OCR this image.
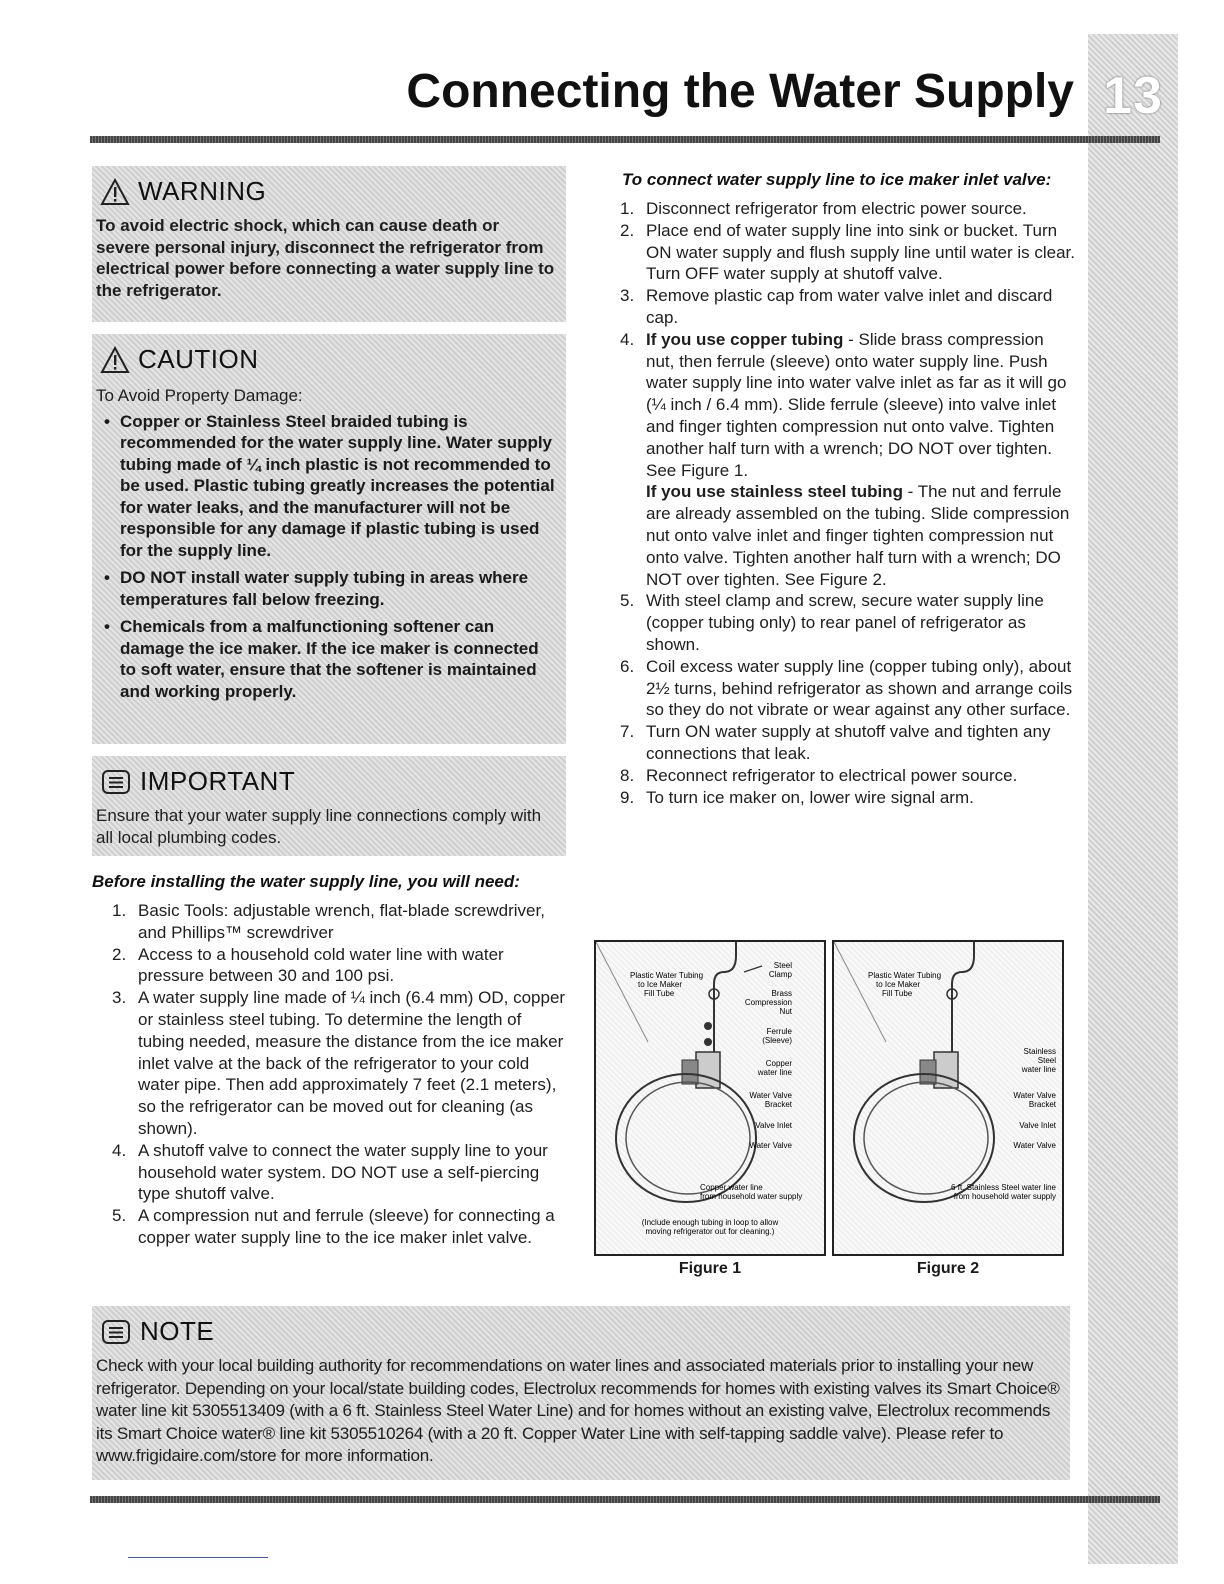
13
Connecting the Water Supply
WARNING
To avoid electric shock, which can cause death or severe personal injury, disconnect the refrigerator from electrical power before connecting a water supply line to the refrigerator.
CAUTION
To Avoid Property Damage:
• Copper or Stainless Steel braided tubing is recommended for the water supply line. Water supply tubing made of ¼ inch plastic is not recommended to be used. Plastic tubing greatly increases the potential for water leaks, and the manufacturer will not be responsible for any damage if plastic tubing is used for the supply line.
• DO NOT install water supply tubing in areas where temperatures fall below freezing.
• Chemicals from a malfunctioning softener can damage the ice maker. If the ice maker is connected to soft water, ensure that the softener is maintained and working properly.
IMPORTANT
Ensure that your water supply line connections comply with all local plumbing codes.
Before installing the water supply line, you will need:
1. Basic Tools: adjustable wrench, flat-blade screwdriver, and Phillips™ screwdriver

2. Access to a household cold water line with water pressure between 30 and 100 psi.

3. A water supply line made of ¼ inch (6.4 mm) OD, copper or stainless steel tubing. To determine the length of tubing needed, measure the distance from the ice maker inlet valve at the back of the refrigerator to your cold water pipe. Then add approximately 7 feet (2.1 meters), so the refrigerator can be moved out for cleaning (as shown).

4. A shutoff valve to connect the water supply line to your household water system. DO NOT use a self-piercing type shutoff valve.

5. A compression nut and ferrule (sleeve) for connecting a copper water supply line to the ice maker inlet valve.

To connect water supply line to ice maker inlet valve:
1. Disconnect refrigerator from electric power source.

2. Place end of water supply line into sink or bucket. Turn ON water supply and flush supply line until water is clear. Turn OFF water supply at shutoff valve.

3. Remove plastic cap from water valve inlet and discard cap.

4. If you use copper tubing - Slide brass compression nut, then ferrule (sleeve) onto water supply line. Push water supply line into water valve inlet as far as it will go (¼ inch / 6.4 mm). Slide ferrule (sleeve) into valve inlet and finger tighten compression nut onto valve. Tighten another half turn with a wrench; DO NOT over tighten. See Figure 1.

If you use stainless steel tubing - The nut and ferrule are already assembled on the tubing. Slide compression nut onto valve inlet and finger tighten compression nut onto valve. Tighten another half turn with a wrench; DO NOT over tighten. See Figure 2.

5. With steel clamp and screw, secure water supply line (copper tubing only) to rear panel of refrigerator as shown.

6. Coil excess water supply line (copper tubing only), about 2½ turns, behind refrigerator as shown and arrange coils so they do not vibrate or wear against any other surface.

7. Turn ON water supply at shutoff valve and tighten any connections that leak.

8. Reconnect refrigerator to electrical power source.

9. To turn ice maker on, lower wire signal arm.

Plastic Water Tubing
to Ice Maker
Fill Tube
Steel
Clamp
Brass
Compression
Nut
Ferrule
(Sleeve)
Copper
water line
Water Valve
Bracket
Valve Inlet
Water Valve
Copper water line
from household water supply
(Include enough tubing in loop to allow
moving refrigerator out for cleaning.)
Figure 1
Plastic Water Tubing
to Ice Maker
Fill Tube
Stainless
Steel
water line
Water Valve
Bracket
Valve Inlet
Water Valve
6 ft. Stainless Steel water line
from household water supply
Figure 2
NOTE
Check with your local building authority for recommendations on water lines and associated materials prior to installing your new refrigerator. Depending on your local/state building codes, Electrolux recommends for homes with existing valves its Smart Choice® water line kit 5305513409 (with a 6 ft. Stainless Steel Water Line) and for homes without an existing valve, Electrolux recommends its Smart Choice water® line kit 5305510264 (with a 20 ft. Copper Water Line with self-tapping saddle valve). Please refer to www.frigidaire.com/store for more information.
